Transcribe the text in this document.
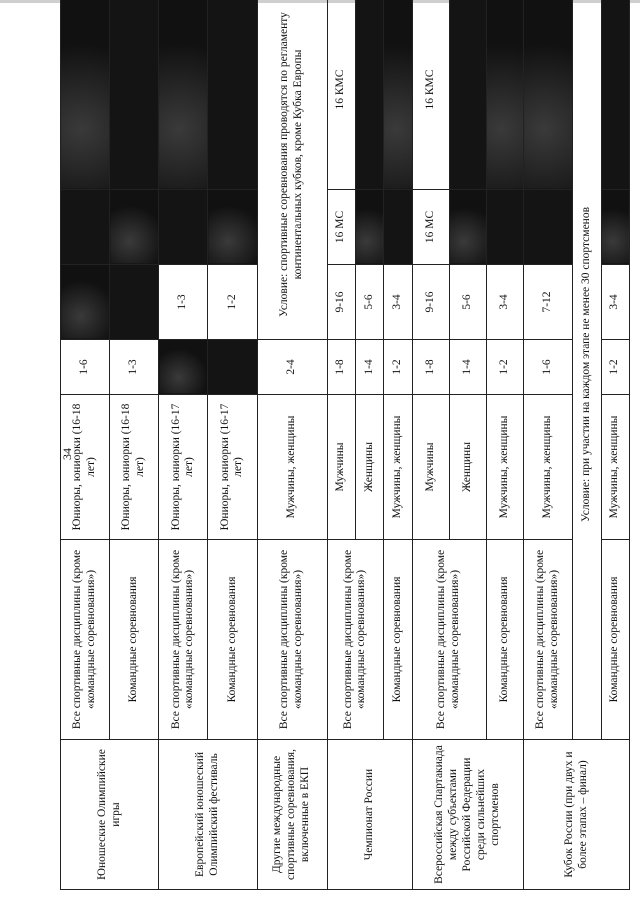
34
Юношеские Олимпийские игры	Все спортивные дисциплины (кроме «командные соревнования»)	Юниоры, юниорки (16-18 лет)	1-6			
	Командные соревнования	Юниоры, юниорки (16-18 лет)	1-3			
Европейский юношеский Олимпийский фестиваль	Все спортивные дисциплины (кроме «командные соревнования»)	Юниоры, юниорки (16-17 лет)		1-3		
	Командные соревнования	Юниоры, юниорки (16-17 лет)		1-2		
Другие международные спортивные соревнования, включенные в ЕКП	Все спортивные дисциплины (кроме «командные соревнования»)	Мужчины, женщины	2-4	Условие: спортивные соревнования проводятся по регламенту континентальных кубков, кроме Кубка Европы		
Чемпионат России	Все спортивные дисциплины (кроме «командные соревнования»)	Мужчины	1-8	9-16	16 МС	16 КМС
		Женщины	1-4	5-6		
	Командные соревнования	Мужчины, женщины	1-2	3-4		
Всероссийская Спартакиада между субъектами Российской Федерации среди сильнейших спортсменов	Все спортивные дисциплины (кроме «командные соревнования»)	Мужчины	1-8	9-16	16 МС	16 КМС
		Женщины	1-4	5-6		
	Командные соревнования	Мужчины, женщины	1-2	3-4		
Кубок России (при двух и более этапах – финал)	Все спортивные дисциплины (кроме «командные соревнования»)	Мужчины, женщины	1-6	7-12		
	Условие: при участии на каждом этапе не менее 30 спортсменов					
	Командные соревнования	Мужчины, женщины	1-2	3-4		
